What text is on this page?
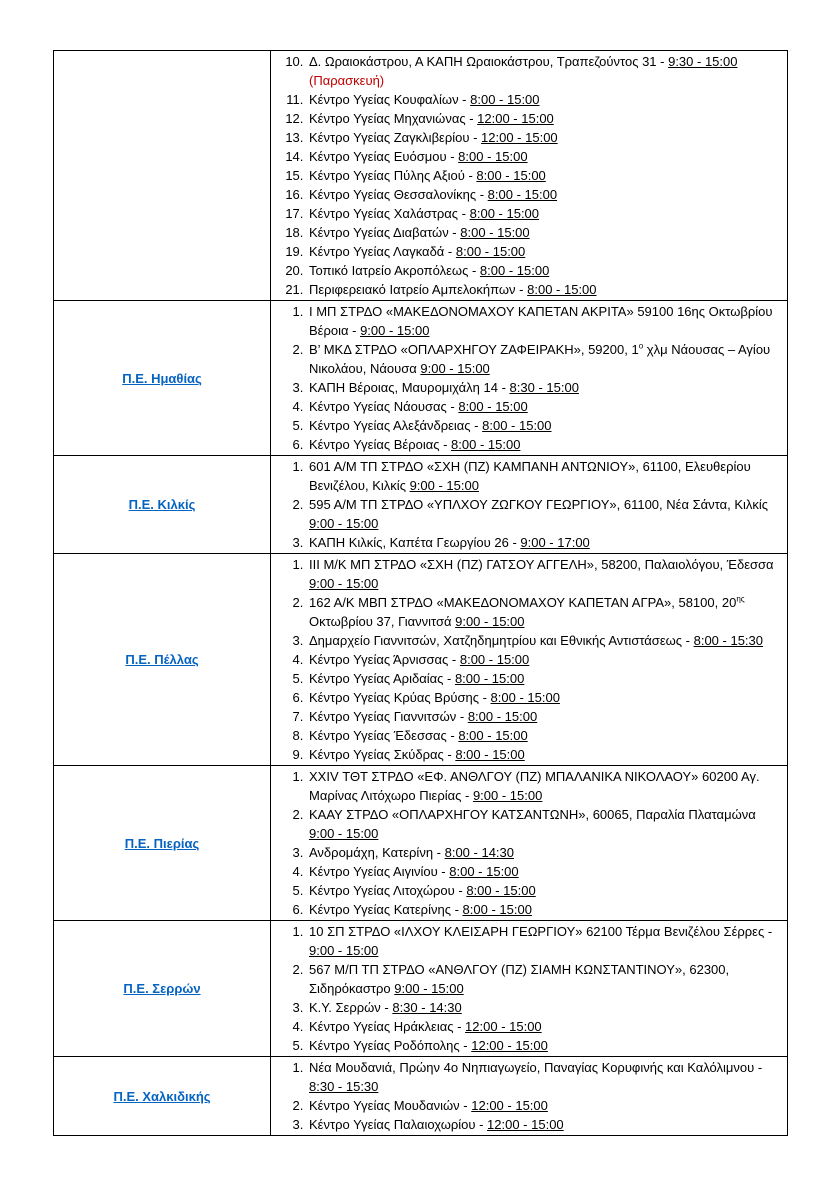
10. Δ. Ωραιοκάστρου, Α ΚΑΠΗ Ωραιοκάστρου, Τραπεζούντος 31 - 9:30 - 15:00 (Παρασκευή)
11. Κέντρο Υγείας Κουφαλίων - 8:00 - 15:00
12. Κέντρο Υγείας Μηχανιώνας - 12:00 - 15:00
13. Κέντρο Υγείας Ζαγκλιβερίου - 12:00 - 15:00
14. Κέντρο Υγείας Ευόσμου - 8:00 - 15:00
15. Κέντρο Υγείας Πύλης Αξιού - 8:00 - 15:00
16. Κέντρο Υγείας Θεσσαλονίκης - 8:00 - 15:00
17. Κέντρο Υγείας Χαλάστρας - 8:00 - 15:00
18. Κέντρο Υγείας Διαβατών - 8:00 - 15:00
19. Κέντρο Υγείας Λαγκαδά - 8:00 - 15:00
20. Τοπικό Ιατρείο Ακροπόλεως - 8:00 - 15:00
21. Περιφερειακό Ιατρείο Αμπελοκήπων - 8:00 - 15:00

Π.Ε. Ημαθίας	
1. Ι ΜΠ ΣΤΡΔΟ «ΜΑΚΕΔΟΝΟΜΑΧΟΥ ΚΑΠΕΤΑΝ ΑΚΡΙΤΑ» 59100 16ης Οκτωβρίου Βέροια - 9:00 - 15:00
2. Β’ ΜΚΔ ΣΤΡΔΟ «ΟΠΛΑΡΧΗΓΟΥ ΖΑΦΕΙΡΑΚΗ», 59200, $1^o$ χλμ Νάουσας – Αγίου Νικολάου, Νάουσα 9:00 - 15:00
3. ΚΑΠΗ Βέροιας, Μαυρομιχάλη 14 - 8:30 - 15:00
4. Κέντρο Υγείας Νάουσας - 8:00 - 15:00
5. Κέντρο Υγείας Αλεξάνδρειας - 8:00 - 15:00
6. Κέντρο Υγείας Βέροιας - 8:00 - 15:00

Π.Ε. Κιλκίς	
1. 601 Α/Μ ΤΠ ΣΤΡΔΟ «ΣΧΗ (ΠΖ) ΚΑΜΠΑΝΗ ΑΝΤΩΝΙΟΥ», 61100, Ελευθερίου Βενιζέλου, Κιλκίς 9:00 - 15:00
2. 595 Α/Μ ΤΠ ΣΤΡΔΟ «ΥΠΛΧΟΥ ΖΩΓΚΟΥ ΓΕΩΡΓΙΟΥ», 61100, Νέα Σάντα, Κιλκίς 9:00 - 15:00
3. ΚΑΠΗ Κιλκίς, Καπέτα Γεωργίου 26 - 9:00 - 17:00

Π.Ε. Πέλλας	
1. ΙΙΙ Μ/Κ ΜΠ ΣΤΡΔΟ «ΣΧΗ (ΠΖ) ΓΑΤΣΟΥ ΑΓΓΕΛΗ», 58200, Παλαιολόγου, Έδεσσα 9:00 - 15:00
2. 162 Α/Κ ΜΒΠ ΣΤΡΔΟ «ΜΑΚΕΔΟΝΟΜΑΧΟΥ ΚΑΠΕΤΑΝ ΑΓΡΑ», 58100, $20^{\eta\varsigma}$ Οκτωβρίου 37, Γιαννιτσά 9:00 - 15:00
3. Δημαρχείο Γιαννιτσών, Χατζηδημητρίου και Εθνικής Αντιστάσεως - 8:00 - 15:30
4. Κέντρο Υγείας Άρνισσας - 8:00 - 15:00
5. Κέντρο Υγείας Αριδαίας - 8:00 - 15:00
6. Κέντρο Υγείας Κρύας Βρύσης - 8:00 - 15:00
7. Κέντρο Υγείας Γιαννιτσών - 8:00 - 15:00
8. Κέντρο Υγείας Έδεσσας - 8:00 - 15:00
9. Κέντρο Υγείας Σκύδρας - 8:00 - 15:00

Π.Ε. Πιερίας	
1. XXIV ΤΘΤ ΣΤΡΔΟ «ΕΦ. ΑΝΘΛΓΟΥ (ΠΖ) ΜΠΑΛΑΝΙΚΑ ΝΙΚΟΛΑΟΥ» 60200 Αγ. Μαρίνας Λιτόχωρο Πιερίας - 9:00 - 15:00
2. ΚΑΑΥ ΣΤΡΔΟ «ΟΠΛΑΡΧΗΓΟΥ ΚΑΤΣΑΝΤΩΝΗ», 60065, Παραλία Πλαταμώνα 9:00 - 15:00
3. Ανδρομάχη, Κατερίνη - 8:00 - 14:30
4. Κέντρο Υγείας Αιγινίου - 8:00 - 15:00
5. Κέντρο Υγείας Λιτοχώρου - 8:00 - 15:00
6. Κέντρο Υγείας Κατερίνης - 8:00 - 15:00

Π.Ε. Σερρών	
1. 10 ΣΠ ΣΤΡΔΟ «ΙΛΧΟΥ ΚΛΕΙΣΑΡΗ ΓΕΩΡΓΙΟΥ» 62100 Τέρμα Βενιζέλου Σέρρες - 9:00 - 15:00
2. 567 Μ/Π ΤΠ ΣΤΡΔΟ «ΑΝΘΛΓΟΥ (ΠΖ) ΣΙΑΜΗ ΚΩΝΣΤΑΝΤΙΝΟΥ», 62300, Σιδηρόκαστρο 9:00 - 15:00
3. Κ.Υ. Σερρών - 8:30 - 14:30
4. Κέντρο Υγείας Ηράκλειας - 12:00 - 15:00
5. Κέντρο Υγείας Ροδόπολης - 12:00 - 15:00

Π.Ε. Χαλκιδικής	
1. Νέα Μουδανιά, Πρώην 4ο Νηπιαγωγείο, Παναγίας Κορυφινής και Καλόλιμνου - 8:30 - 15:30
2. Κέντρο Υγείας Μουδανιών - 12:00 - 15:00
3. Κέντρο Υγείας Παλαιοχωρίου - 12:00 - 15:00
